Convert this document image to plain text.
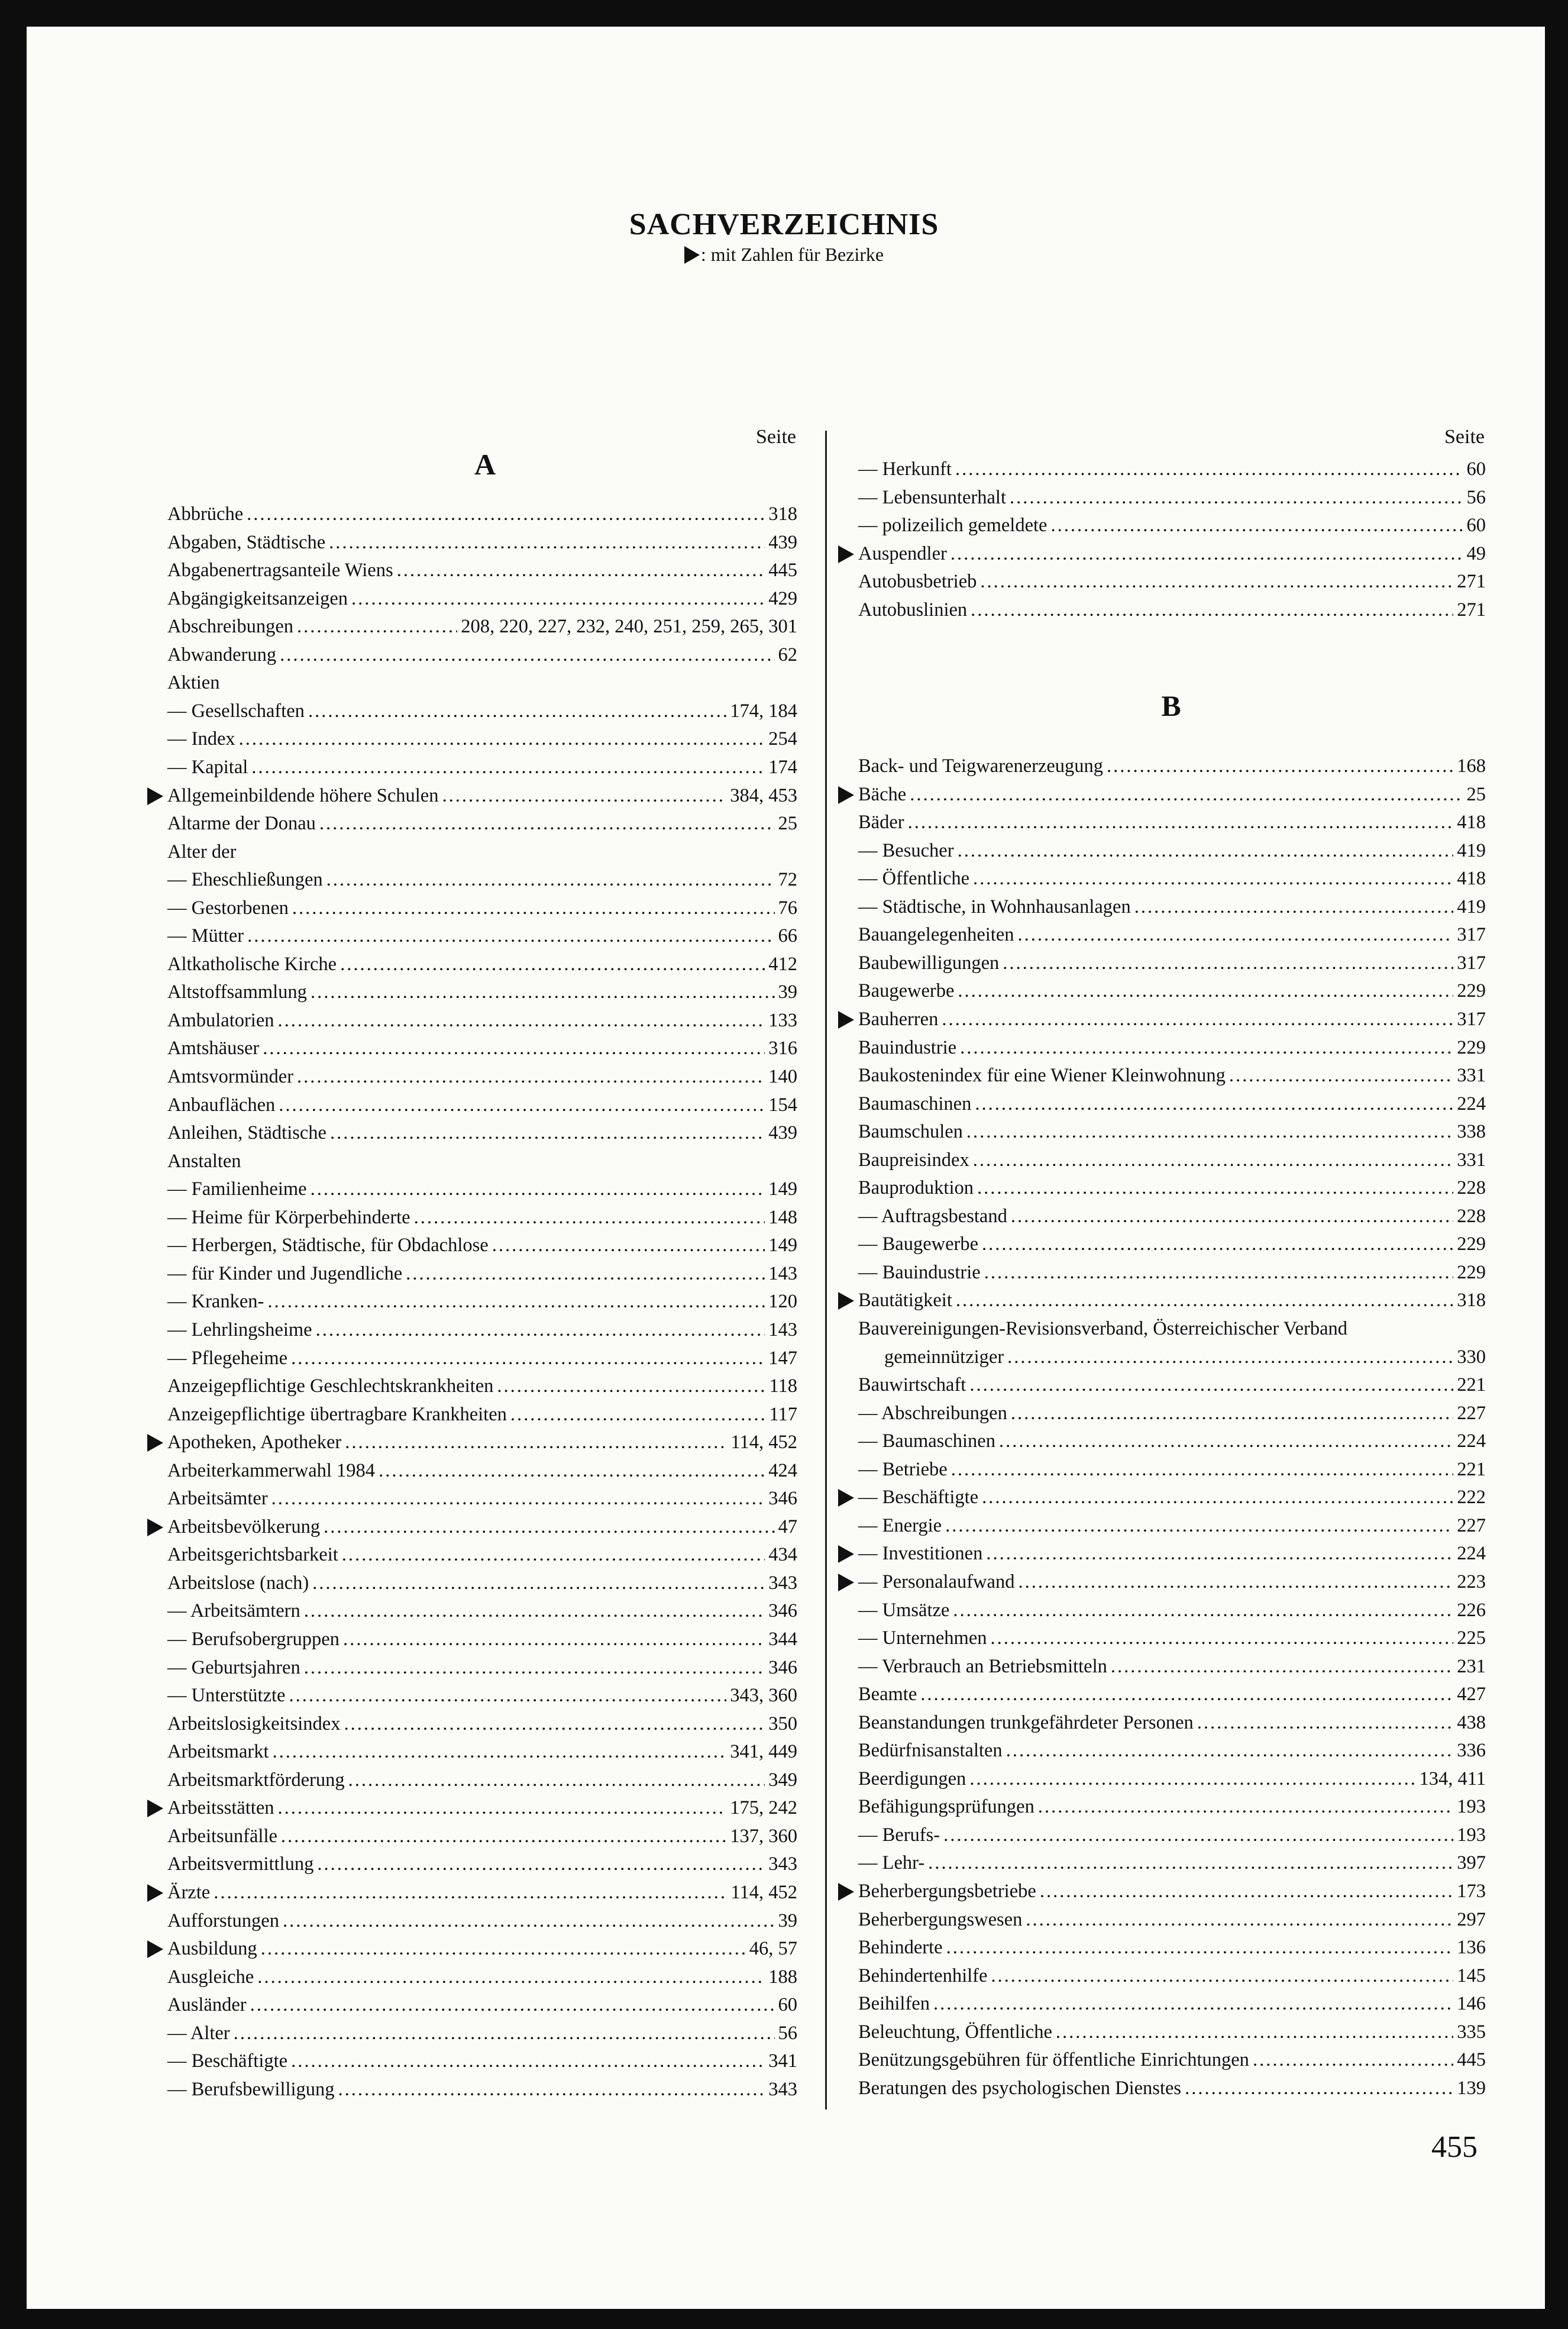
SACHVERZEICHNIS
: mit Zahlen für Bezirke
Seite
A
Abbrüche .....	318
Abgaben, Städtische .....	439
Abgabenertragsanteile Wiens .....	445
Abgängigkeitsanzeigen .....	429
Abschreibungen .....	208, 220, 227, 232, 240, 251, 259, 265, 301
Abwanderung .....	62
Aktien
— Gesellschaften .....	174, 184
— Index .....	254
— Kapital .....	174
Allgemeinbildende höhere Schulen .....	384, 453
Altarme der Donau .....	25
Alter der
— Eheschließungen .....	72
— Gestorbenen .....	76
— Mütter .....	66
Altkatholische Kirche .....	412
Altstoffsammlung .....	39
Ambulatorien .....	133
Amtshäuser .....	316
Amtsvormünder .....	140
Anbauflächen .....	154
Anleihen, Städtische .....	439
Anstalten
— Familienheime .....	149
— Heime für Körperbehinderte .....	148
— Herbergen, Städtische, für Obdachlose .....	149
— für Kinder und Jugendliche .....	143
— Kranken- .....	120
— Lehrlingsheime .....	143
— Pflegeheime .....	147
Anzeigepflichtige Geschlechtskrankheiten .....	118
Anzeigepflichtige übertragbare Krankheiten .....	117
Apotheken, Apotheker .....	114, 452
Arbeiterkammerwahl 1984 .....	424
Arbeitsämter .....	346
Arbeitsbevölkerung .....	47
Arbeitsgerichtsbarkeit .....	434
Arbeitslose (nach) .....	343
— Arbeitsämtern .....	346
— Berufsobergruppen .....	344
— Geburtsjahren .....	346
— Unterstützte .....	343, 360
Arbeitslosigkeitsindex .....	350
Arbeitsmarkt .....	341, 449
Arbeitsmarktförderung .....	349
Arbeitsstätten .....	175, 242
Arbeitsunfälle .....	137, 360
Arbeitsvermittlung .....	343
Ärzte .....	114, 452
Aufforstungen .....	39
Ausbildung .....	46, 57
Ausgleiche .....	188
Ausländer .....	60
— Alter .....	56
— Beschäftigte .....	341
— Berufsbewilligung .....	343
Seite
— Herkunft .....	60
— Lebensunterhalt .....	56
— polizeilich gemeldete .....	60
Auspendler .....	49
Autobusbetrieb .....	271
Autobuslinien .....	271
B
Back- und Teigwarenerzeugung .....	168
Bäche .....	25
Bäder .....	418
— Besucher .....	419
— Öffentliche .....	418
— Städtische, in Wohnhausanlagen .....	419
Bauangelegenheiten .....	317
Baubewilligungen .....	317
Baugewerbe .....	229
Bauherren .....	317
Bauindustrie .....	229
Baukostenindex für eine Wiener Kleinwohnung .....	331
Baumaschinen .....	224
Baumschulen .....	338
Baupreisindex .....	331
Bauproduktion .....	228
— Auftragsbestand .....	228
— Baugewerbe .....	229
— Bauindustrie .....	229
Bautätigkeit .....	318
Bauvereinigungen-Revisionsverband, Österreichischer Verband
gemeinnütziger .....	330
Bauwirtschaft .....	221
— Abschreibungen .....	227
— Baumaschinen .....	224
— Betriebe .....	221
— Beschäftigte .....	222
— Energie .....	227
— Investitionen .....	224
— Personalaufwand .....	223
— Umsätze .....	226
— Unternehmen .....	225
— Verbrauch an Betriebsmitteln .....	231
Beamte .....	427
Beanstandungen trunkgefährdeter Personen .....	438
Bedürfnisanstalten .....	336
Beerdigungen .....	134, 411
Befähigungsprüfungen .....	193
— Berufs- .....	193
— Lehr- .....	397
Beherbergungsbetriebe .....	173
Beherbergungswesen .....	297
Behinderte .....	136
Behindertenhilfe .....	145
Beihilfen .....	146
Beleuchtung, Öffentliche .....	335
Benützungsgebühren für öffentliche Einrichtungen .....	445
Beratungen des psychologischen Dienstes .....	139
455
